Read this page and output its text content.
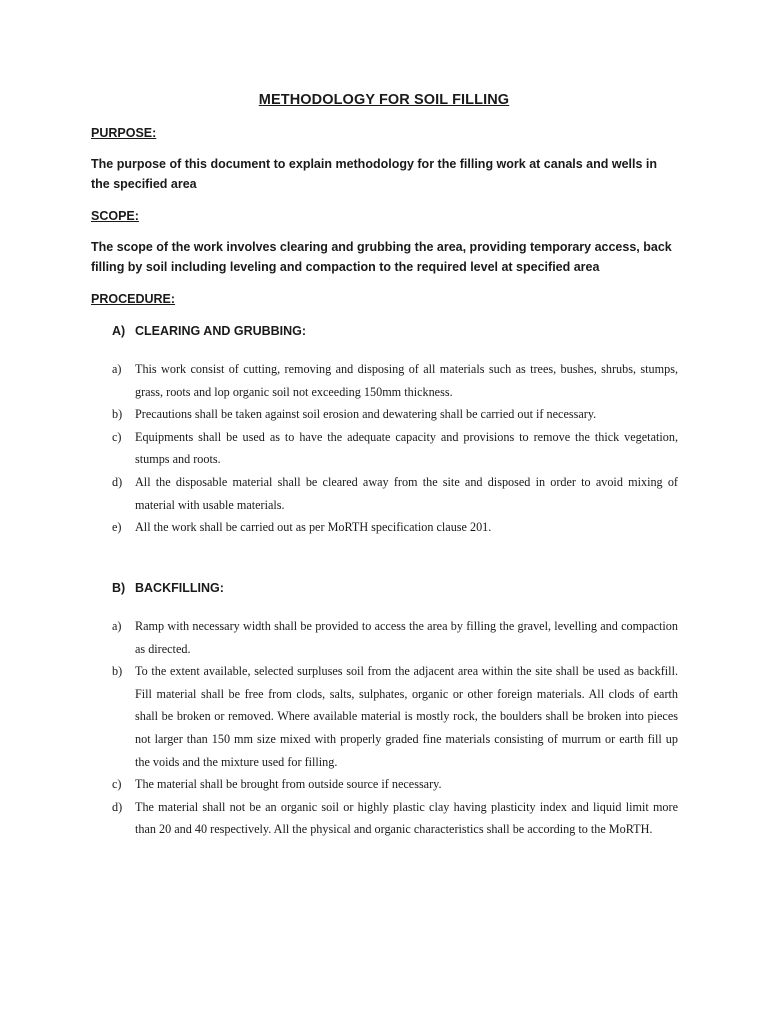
METHODOLOGY FOR SOIL FILLING
PURPOSE:
The purpose of this document to explain methodology for the filling work at canals and wells in the specified area
SCOPE:
The scope of the work involves clearing and grubbing the area, providing temporary access, back filling by soil including leveling and compaction to the required level at specified area
PROCEDURE:
A) CLEARING AND GRUBBING:
a) This work consist of cutting, removing and disposing of all materials such as trees, bushes, shrubs, stumps, grass, roots and lop organic soil not exceeding 150mm thickness.
b) Precautions shall be taken against soil erosion and dewatering shall be carried out if necessary.
c) Equipments shall be used as to have the adequate capacity and provisions to remove the thick vegetation, stumps and roots.
d) All the disposable material shall be cleared away from the site and disposed in order to avoid mixing of material with usable materials.
e) All the work shall be carried out as per MoRTH specification clause 201.
B) BACKFILLING:
a) Ramp with necessary width shall be provided to access the area by filling the gravel, levelling and compaction as directed.
b) To the extent available, selected surpluses soil from the adjacent area within the site shall be used as backfill. Fill material shall be free from clods, salts, sulphates, organic or other foreign materials. All clods of earth shall be broken or removed. Where available material is mostly rock, the boulders shall be broken into pieces not larger than 150 mm size mixed with properly graded fine materials consisting of murrum or earth fill up the voids and the mixture used for filling.
c) The material shall be brought from outside source if necessary.
d) The material shall not be an organic soil or highly plastic clay having plasticity index and liquid limit more than 20 and 40 respectively. All the physical and organic characteristics shall be according to the MoRTH.
